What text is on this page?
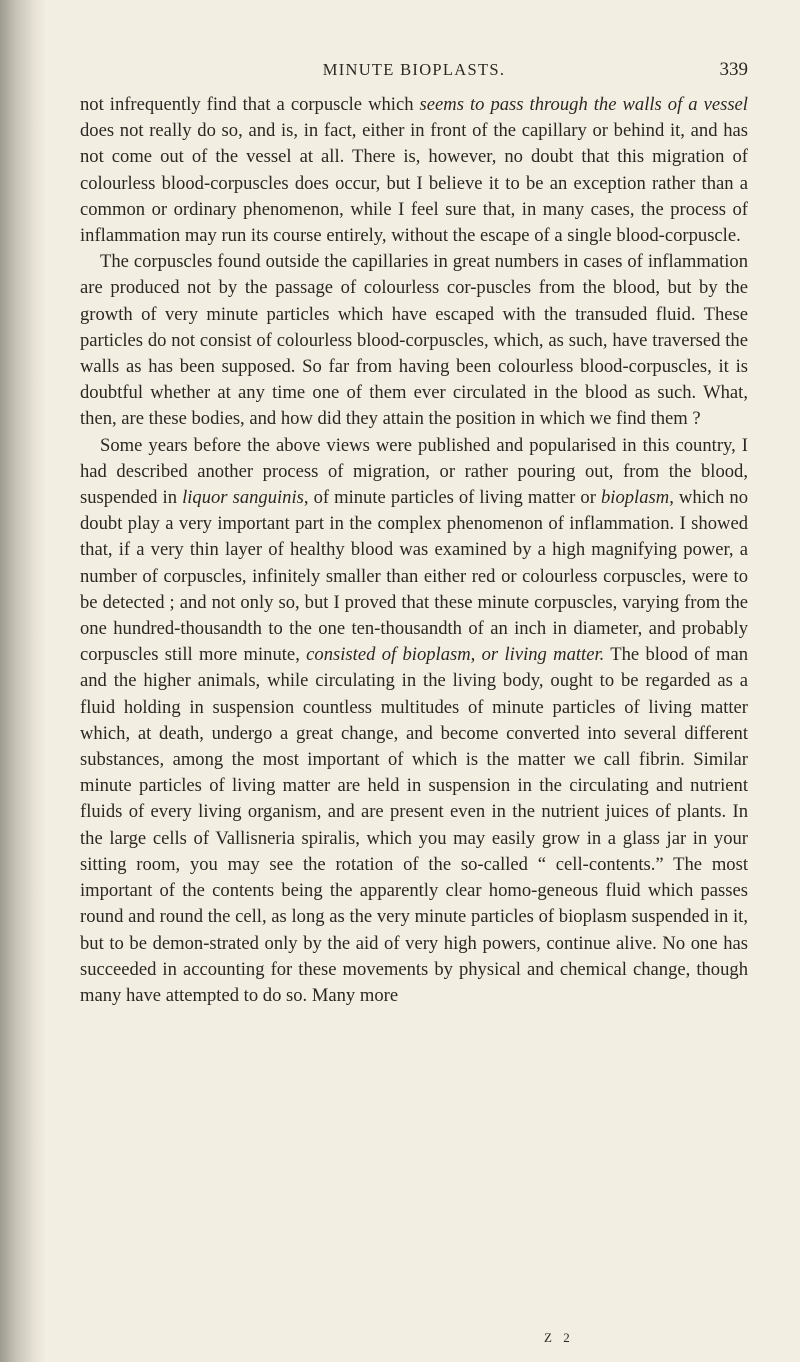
MINUTE BIOPLASTS.	339

not infrequently find that a corpuscle which seems to pass through the walls of a vessel does not really do so, and is, in fact, either in front of the capillary or behind it, and has not come out of the vessel at all. There is, however, no doubt that this migration of colourless blood-corpuscles does occur, but I believe it to be an exception rather than a common or ordinary phenomenon, while I feel sure that, in many cases, the process of inflammation may run its course entirely, without the escape of a single blood-corpuscle.

The corpuscles found outside the capillaries in great numbers in cases of inflammation are produced not by the passage of colourless cor-puscles from the blood, but by the growth of very minute particles which have escaped with the transuded fluid. These particles do not consist of colourless blood-corpuscles, which, as such, have traversed the walls as has been supposed. So far from having been colourless blood-corpuscles, it is doubtful whether at any time one of them ever circulated in the blood as such. What, then, are these bodies, and how did they attain the position in which we find them ?

Some years before the above views were published and popularised in this country, I had described another process of migration, or rather pouring out, from the blood, suspended in liquor sanguinis, of minute particles of living matter or bioplasm, which no doubt play a very important part in the complex phenomenon of inflammation. I showed that, if a very thin layer of healthy blood was examined by a high magnifying power, a number of corpuscles, infinitely smaller than either red or colourless corpuscles, were to be detected ; and not only so, but I proved that these minute corpuscles, varying from the one hundred-thousandth to the one ten-thousandth of an inch in diameter, and probably corpuscles still more minute, consisted of bioplasm, or living matter. The blood of man and the higher animals, while circulating in the living body, ought to be regarded as a fluid holding in suspension countless multitudes of minute particles of living matter which, at death, undergo a great change, and become converted into several different substances, among the most important of which is the matter we call fibrin. Similar minute particles of living matter are held in suspension in the circulating and nutrient fluids of every living organism, and are present even in the nutrient juices of plants. In the large cells of Vallisneria spiralis, which you may easily grow in a glass jar in your sitting room, you may see the rotation of the so-called “ cell-contents.” The most important of the contents being the apparently clear homo-geneous fluid which passes round and round the cell, as long as the very minute particles of bioplasm suspended in it, but to be demon-strated only by the aid of very high powers, continue alive. No one has succeeded in accounting for these movements by physical and chemical change, though many have attempted to do so. Many more

Z 2
